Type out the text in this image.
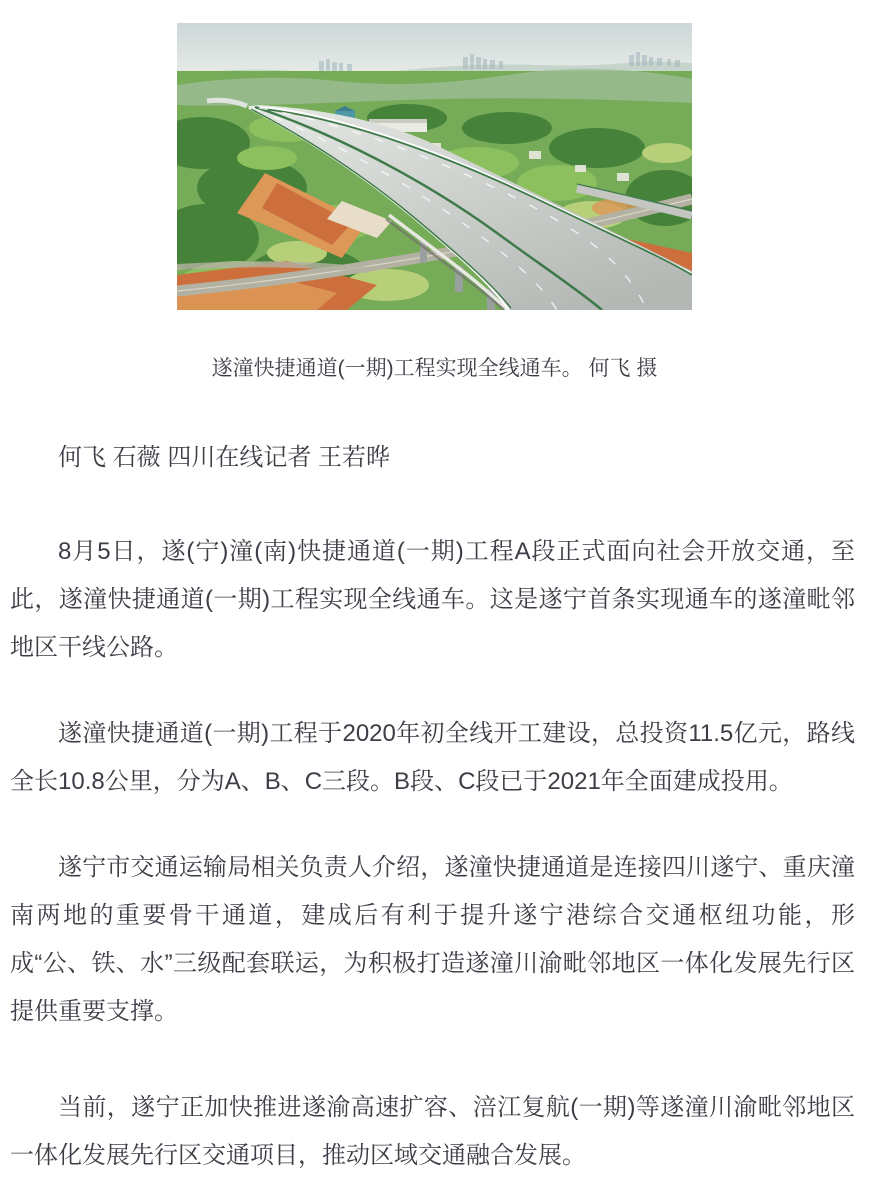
遂潼快捷通道(一期)工程实现全线通车。 何飞 摄

何飞 石薇 四川在线记者 王若晔

8月5日，遂(宁)潼(南)快捷通道(一期)工程A段正式面向社会开放交通，至此，遂潼快捷通道(一期)工程实现全线通车。这是遂宁首条实现通车的遂潼毗邻地区干线公路。

遂潼快捷通道(一期)工程于2020年初全线开工建设，总投资11.5亿元，路线全长10.8公里，分为A、B、C三段。B段、C段已于2021年全面建成投用。

遂宁市交通运输局相关负责人介绍，遂潼快捷通道是连接四川遂宁、重庆潼南两地的重要骨干通道，建成后有利于提升遂宁港综合交通枢纽功能，形成“公、铁、水”三级配套联运，为积极打造遂潼川渝毗邻地区一体化发展先行区提供重要支撑。

当前，遂宁正加快推进遂渝高速扩容、涪江复航(一期)等遂潼川渝毗邻地区一体化发展先行区交通项目，推动区域交通融合发展。
